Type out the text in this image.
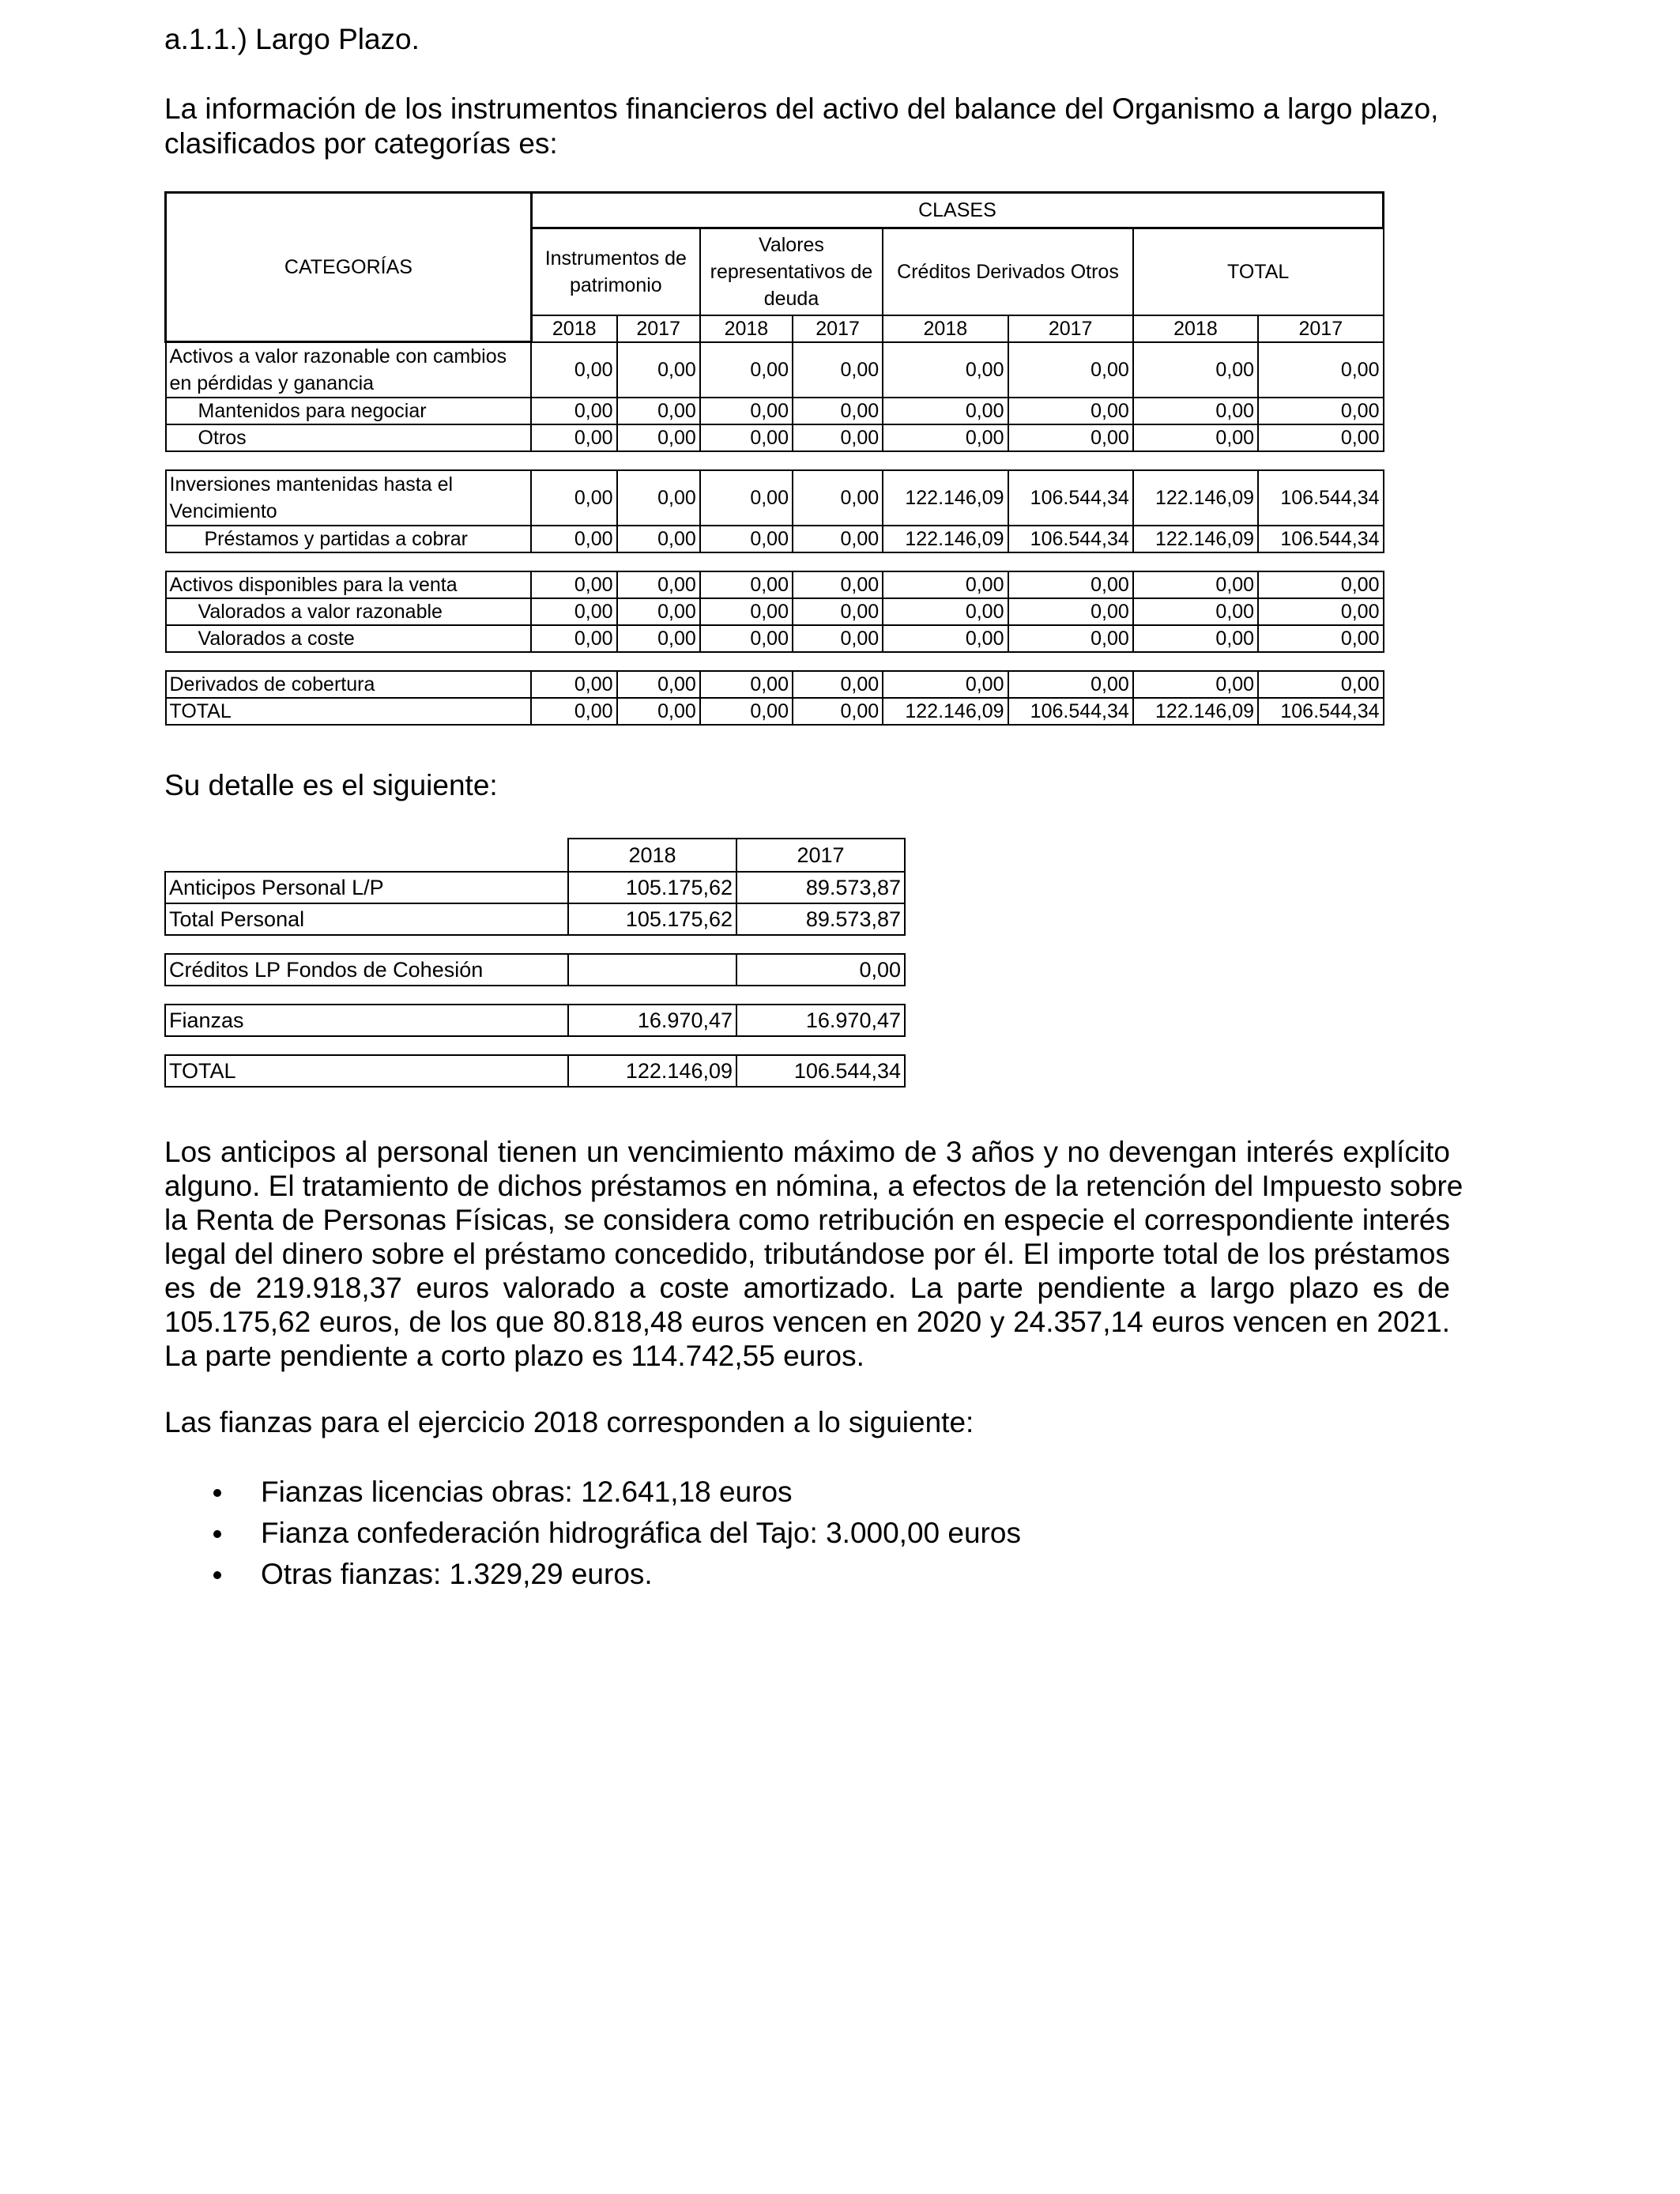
a.1.1.) Largo Plazo.
La información de los instrumentos financieros del activo del balance del Organismo a largo plazo,
clasificados por categorías es:
CATEGORÍAS	CLASES							
	Instrumentos de patrimonio		Valores representativos de deuda		Créditos Derivados Otros		TOTAL	
	2018	2017	2018	2017	2018	2017	2018	2017
Activos a valor razonable con cambios en pérdidas y ganancia	0,00	0,00	0,00	0,00	0,00	0,00	0,00	0,00
Mantenidos para negociar	0,00	0,00	0,00	0,00	0,00	0,00	0,00	0,00
Otros	0,00	0,00	0,00	0,00	0,00	0,00	0,00	0,00

Inversiones mantenidas hasta el Vencimiento	0,00	0,00	0,00	0,00	122.146,09	106.544,34	122.146,09	106.544,34
Préstamos y partidas a cobrar	0,00	0,00	0,00	0,00	122.146,09	106.544,34	122.146,09	106.544,34

Activos disponibles para la venta	0,00	0,00	0,00	0,00	0,00	0,00	0,00	0,00
Valorados a valor razonable	0,00	0,00	0,00	0,00	0,00	0,00	0,00	0,00
Valorados a coste	0,00	0,00	0,00	0,00	0,00	0,00	0,00	0,00

Derivados de cobertura	0,00	0,00	0,00	0,00	0,00	0,00	0,00	0,00
TOTAL	0,00	0,00	0,00	0,00	122.146,09	106.544,34	122.146,09	106.544,34
Su detalle es el siguiente:
	2018	2017
Anticipos Personal L/P	105.175,62	89.573,87
Total Personal	105.175,62	89.573,87

Créditos LP Fondos de Cohesión		0,00

Fianzas	16.970,47	16.970,47

TOTAL	122.146,09	106.544,34
Los anticipos al personal tienen un vencimiento máximo de 3 años y no devengan interés explícito
alguno. El tratamiento de dichos préstamos en nómina, a efectos de la retención del Impuesto sobre
la Renta de Personas Físicas, se considera como retribución en especie el correspondiente interés
legal del dinero sobre el préstamo concedido, tributándose por él. El importe total de los préstamos
es de 219.918,37 euros valorado a coste amortizado. La parte pendiente a largo plazo es de
105.175,62 euros, de los que 80.818,48 euros vencen en 2020 y 24.357,14 euros vencen en 2021.
La parte pendiente a corto plazo es 114.742,55 euros.
Las fianzas para el ejercicio 2018 corresponden a lo siguiente:
Fianzas licencias obras: 12.641,18 euros
Fianza confederación hidrográfica del Tajo: 3.000,00 euros
Otras fianzas: 1.329,29 euros.
